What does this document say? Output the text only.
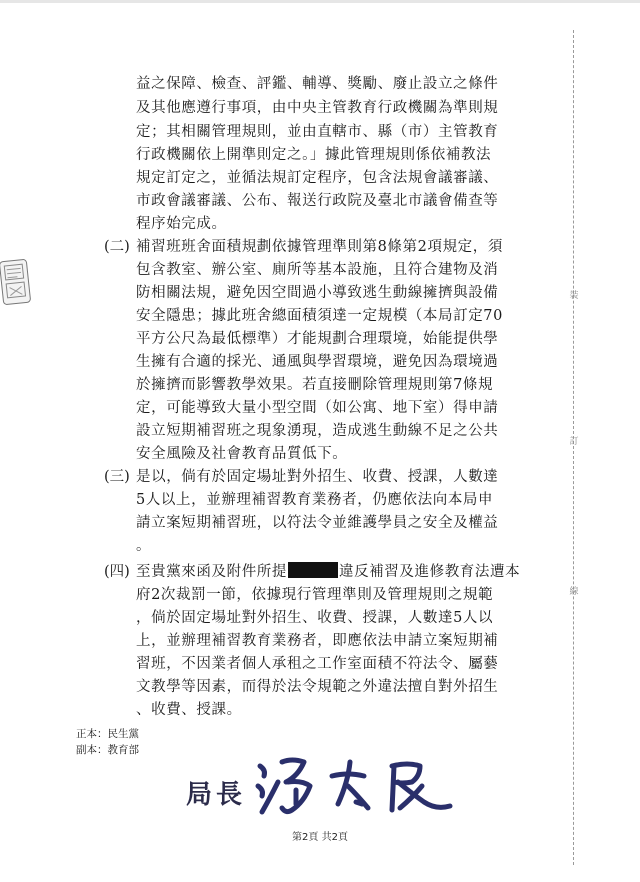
裝
訂
線
益之保障、檢查、評鑑、輔導、獎勵、廢止設立之條件
及其他應遵行事項，由中央主管教育行政機關為準則規
定；其相關管理規則，並由直轄市、縣（市）主管教育
行政機關依上開準則定之。」據此管理規則係依補教法
規定訂定之，並循法規訂定程序，包含法規會議審議、
市政會議審議、公布、報送行政院及臺北市議會備查等
程序始完成。
(二) 補習班班舍面積規劃依據管理準則第8條第2項規定，須
包含教室、辦公室、廁所等基本設施，且符合建物及消
防相關法規，避免因空間過小導致逃生動線擁擠與設備
安全隱患；據此班舍總面積須達一定規模（本局訂定70
平方公尺為最低標準）才能規劃合理環境，始能提供學
生擁有合適的採光、通風與學習環境，避免因為環境過
於擁擠而影響教學效果。若直接刪除管理規則第7條規
定，可能導致大量小型空間（如公寓、地下室）得申請
設立短期補習班之現象湧現，造成逃生動線不足之公共
安全風險及社會教育品質低下。
(三) 是以，倘有於固定場址對外招生、收費、授課，人數達
5人以上，並辦理補習教育業務者，仍應依法向本局申
請立案短期補習班，以符法令並維護學員之安全及權益
。
(四) 至貴黨來函及附件所提	違反補習及進修教育法遭本
府2次裁罰一節，依據現行管理準則及管理規則之規範
，倘於固定場址對外招生、收費、授課，人數達5人以
上，並辦理補習教育業務者，即應依法申請立案短期補
習班，不因業者個人承租之工作室面積不符法令、屬藝
文教學等因素，而得於法令規範之外違法擅自對外招生
、收費、授課。
正本：民生黨
副本：教育部
局長
第2頁 共2頁
